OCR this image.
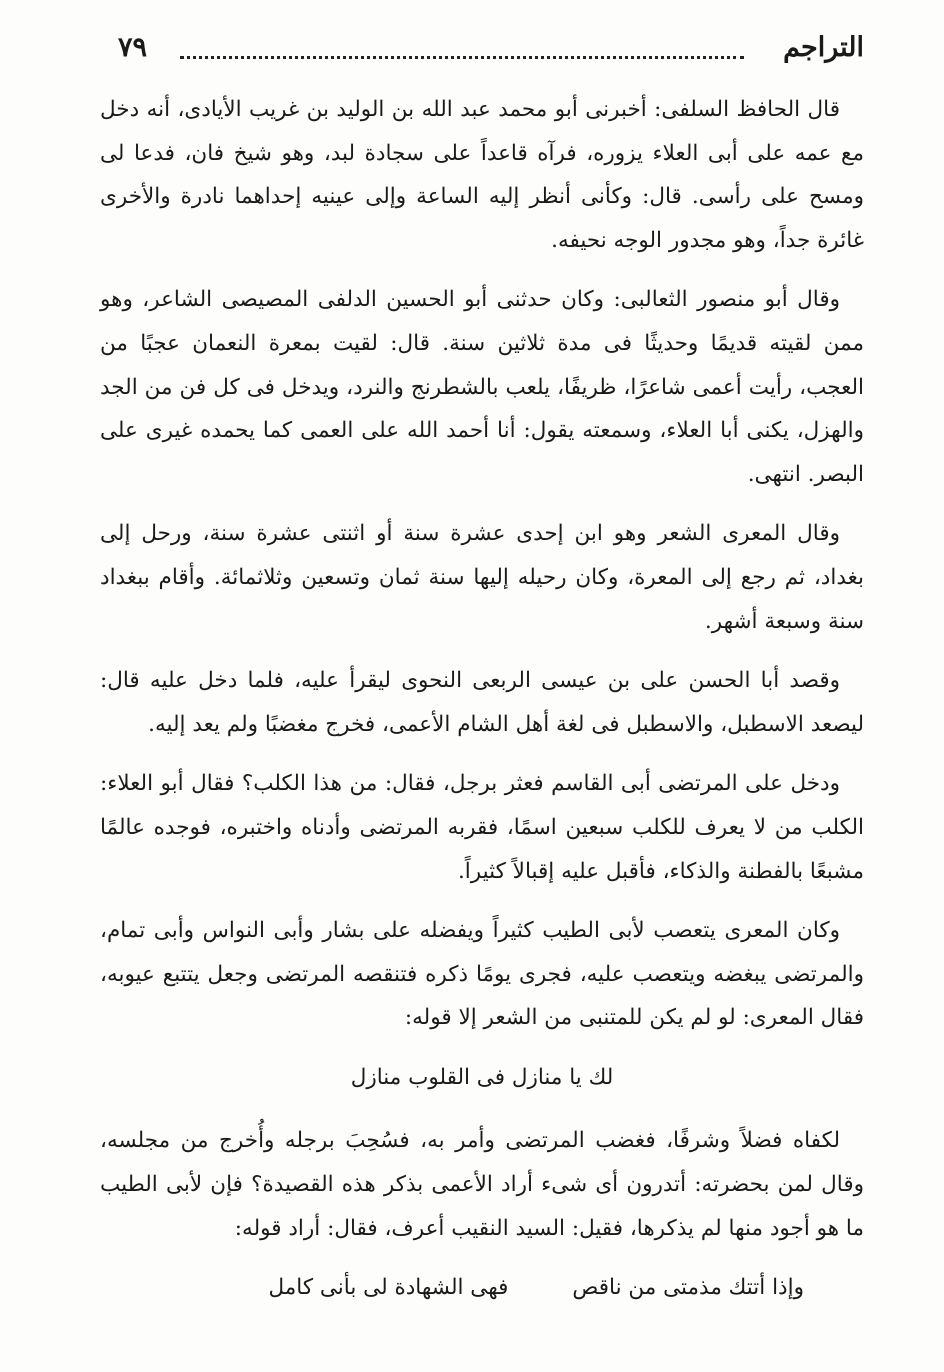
التراجم
٧٩

قال الحافظ السلفى: أخبرنى أبو محمد عبد الله بن الوليد بن غريب الأيادى، أنه دخل مع عمه على أبى العلاء يزوره، فرآه قاعداً على سجادة لبد، وهو شيخ فان، فدعا لى ومسح على رأسى. قال: وكأنى أنظر إليه الساعة وإلى عينيه إحداهما نادرة والأخرى غائرة جداً، وهو مجدور الوجه نحيفه.

وقال أبو منصور الثعالبى: وكان حدثنى أبو الحسين الدلفى المصيصى الشاعر، وهو ممن لقيته قديمًا وحديثًا فى مدة ثلاثين سنة. قال: لقيت بمعرة النعمان عجبًا من العجب، رأيت أعمى شاعرًا، ظريفًا، يلعب بالشطرنج والنرد، ويدخل فى كل فن من الجد والهزل، يكنى أبا العلاء، وسمعته يقول: أنا أحمد الله على العمى كما يحمده غيرى على البصر. انتهى.

وقال المعرى الشعر وهو ابن إحدى عشرة سنة أو اثنتى عشرة سنة، ورحل إلى بغداد، ثم رجع إلى المعرة، وكان رحيله إليها سنة ثمان وتسعين وثلاثمائة. وأقام ببغداد سنة وسبعة أشهر.

وقصد أبا الحسن على بن عيسى الربعى النحوى ليقرأ عليه، فلما دخل عليه قال: ليصعد الاسطبل، والاسطبل فى لغة أهل الشام الأعمى، فخرج مغضبًا ولم يعد إليه.

ودخل على المرتضى أبى القاسم فعثر برجل، فقال: من هذا الكلب؟ فقال أبو العلاء: الكلب من لا يعرف للكلب سبعين اسمًا، فقربه المرتضى وأدناه واختبره، فوجده عالمًا مشبعًا بالفطنة والذكاء، فأقبل عليه إقبالاً كثيراً.

وكان المعرى يتعصب لأبى الطيب كثيراً ويفضله على بشار وأبى النواس وأبى تمام، والمرتضى يبغضه ويتعصب عليه، فجرى يومًا ذكره فتنقصه المرتضى وجعل يتتبع عيوبه، فقال المعرى: لو لم يكن للمتنبى من الشعر إلا قوله:

لك يا منازل فى القلوب منازل

لكفاه فضلاً وشرفًا، فغضب المرتضى وأمر به، فسُحِبَ برجله وأُخرج من مجلسه، وقال لمن بحضرته: أتدرون أى شىء أراد الأعمى بذكر هذه القصيدة؟ فإن لأبى الطيب ما هو أجود منها لم يذكرها، فقيل: السيد النقيب أعرف، فقال: أراد قوله:

وإذا أتتك مذمتى من ناقص
فهى الشهادة لى بأنى كامل
